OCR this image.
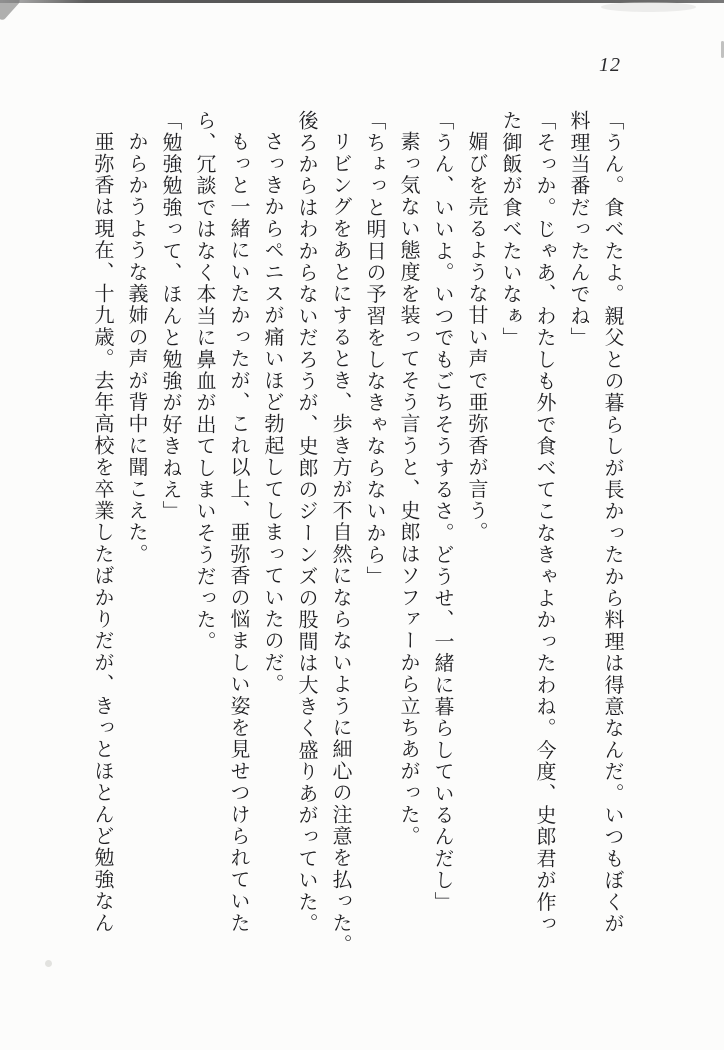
12
「うん。食べたよ。親父との暮らしが長かったから料理は得意なんだ。いつもぼくが
料理当番だったんでね」
「そっか。じゃあ、わたしも外で食べてこなきゃよかったわね。今度、史郎君が作っ
た御飯が食べたいなぁ」
媚びを売るような甘い声で亜弥香が言う。
「うん、いいよ。いつでもごちそうするさ。どうせ、一緒に暮らしているんだし」
素っ気ない態度を装ってそう言うと、史郎はソファーから立ちあがった。
「ちょっと明日の予習をしなきゃならないから」
リビングをあとにするとき、歩き方が不自然にならないように細心の注意を払った。
後ろからはわからないだろうが、史郎のジーンズの股間は大きく盛りあがっていた。
さっきからペニスが痛いほど勃起してしまっていたのだ。
もっと一緒にいたかったが、これ以上、亜弥香の悩ましい姿を見せつけられていた
ら、冗談ではなく本当に鼻血が出てしまいそうだった。
「勉強勉強って、ほんと勉強が好きねえ」
からかうような義姉の声が背中に聞こえた。
亜弥香は現在、十九歳。去年高校を卒業したばかりだが、きっとほとんど勉強なん
